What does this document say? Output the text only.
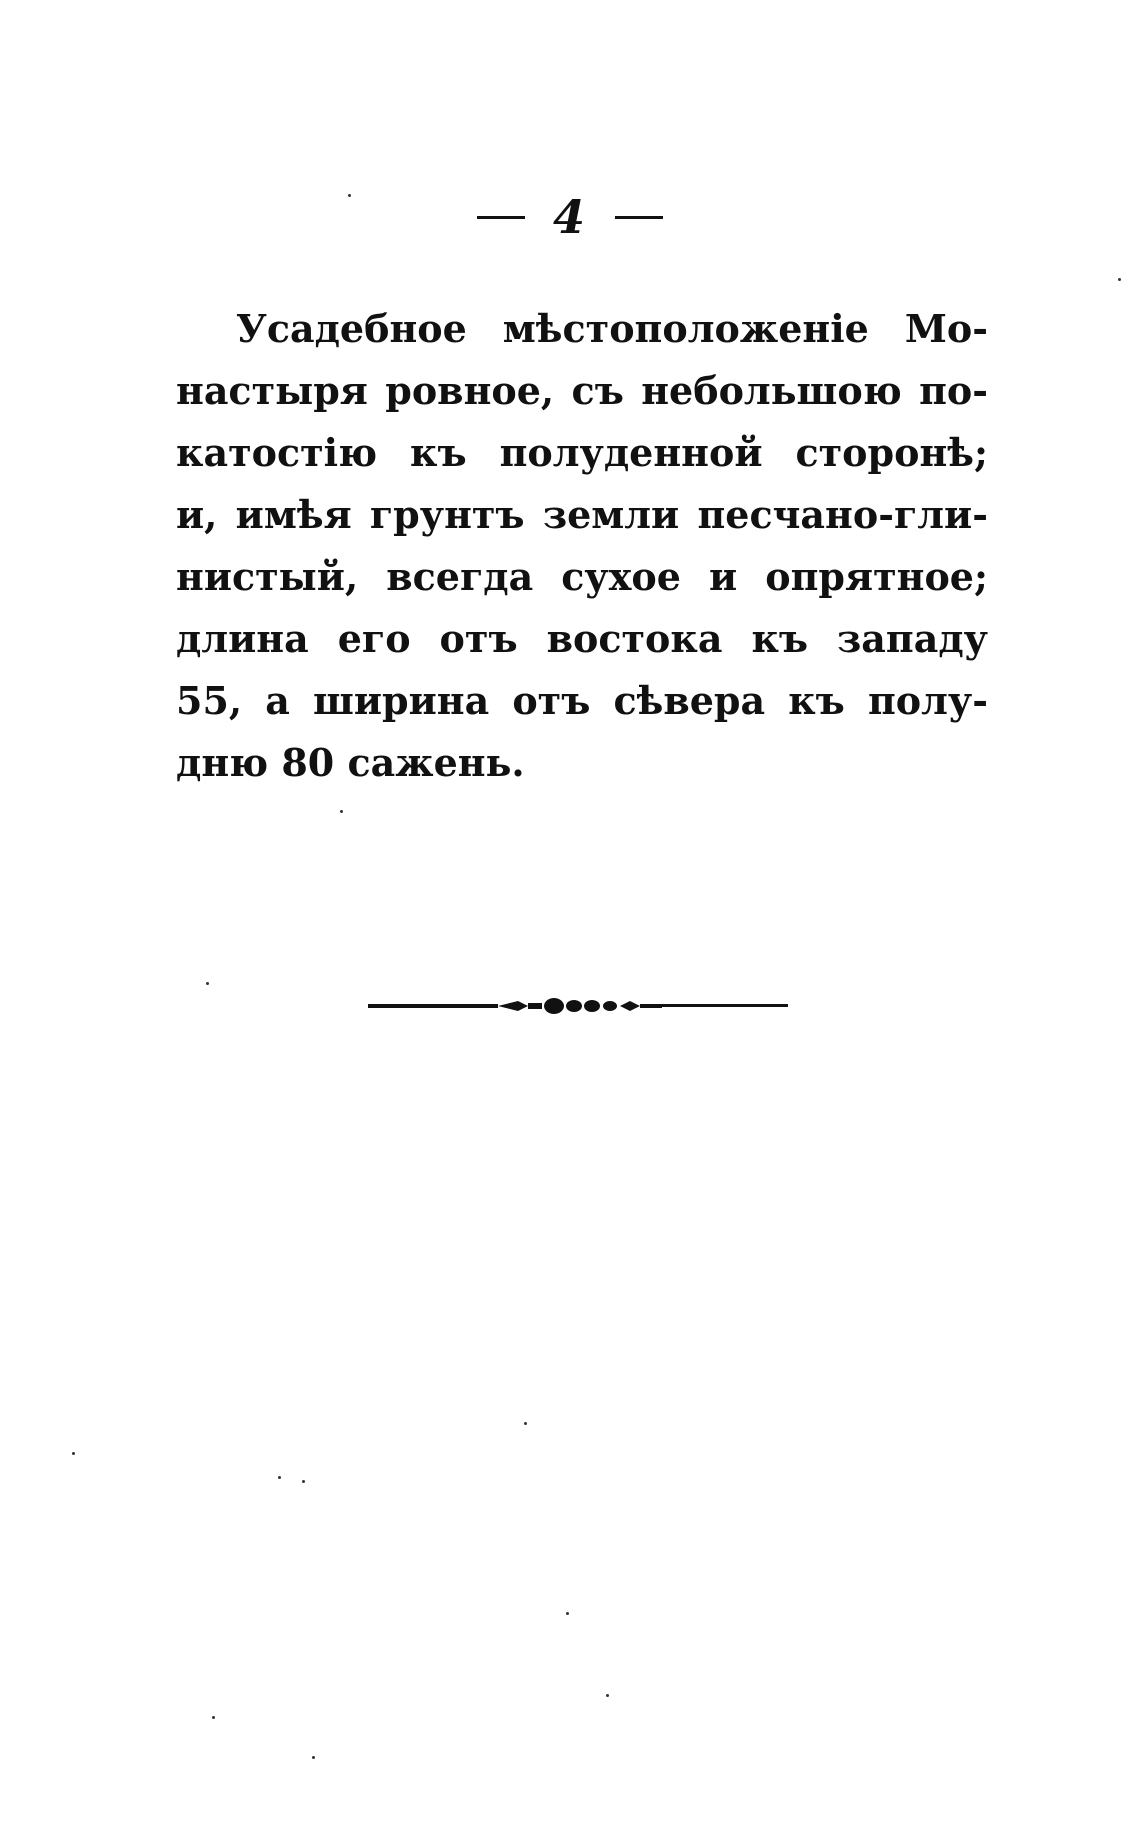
4
Усадебное мѣстоположеніе Мо-
настыря ровное, съ небольшою по-
катостію къ полуденной сторонѣ;
и, имѣя грунтъ земли песчано-гли-
нистый, всегда сухое и опрятное;
длина его отъ востока къ западу
55, а ширина отъ сѣвера къ полу-
дню 80 сажень.
